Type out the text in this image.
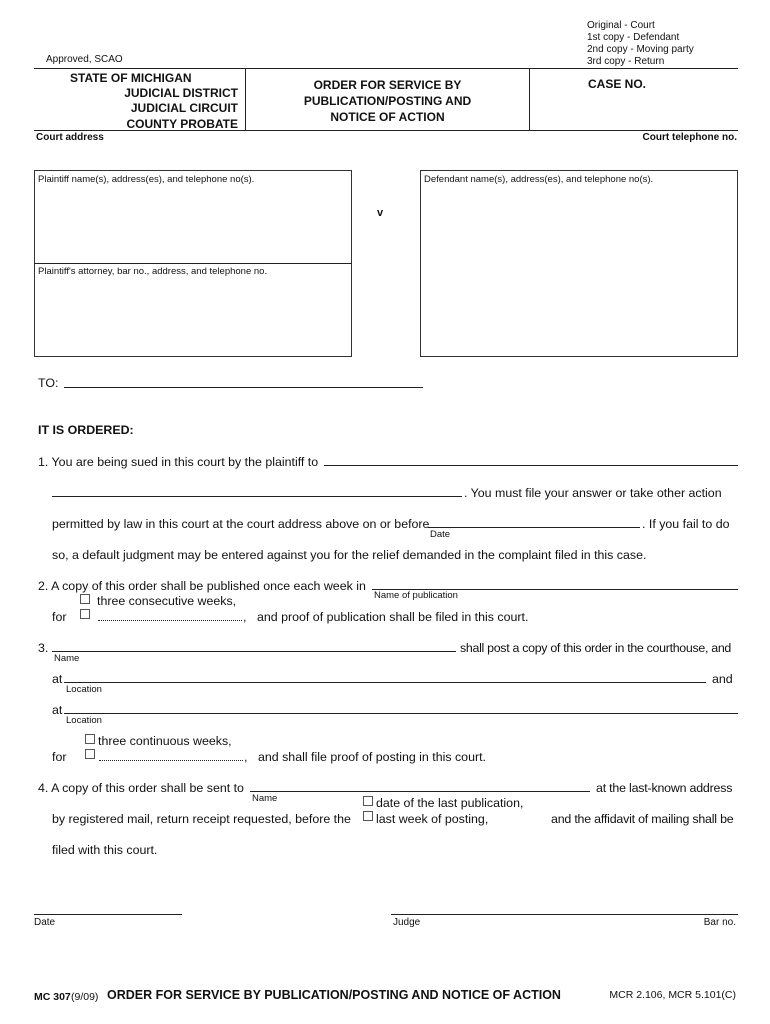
Original - Court
1st copy - Defendant
2nd copy - Moving party
3rd copy - Return
Approved, SCAO
STATE OF MICHIGAN
JUDICIAL DISTRICT
JUDICIAL CIRCUIT
COUNTY PROBATE
ORDER FOR SERVICE BY
PUBLICATION/POSTING AND
NOTICE OF ACTION
CASE NO.
Court address	Court telephone no.
Plaintiff name(s), address(es), and telephone no(s).
Plaintiff's attorney, bar no., address, and telephone no.
v
Defendant name(s), address(es), and telephone no(s).
TO:
IT IS ORDERED:
1. You are being sued in this court by the plaintiff to
. You must file your answer or take other action
permitted by law in this court at the court address above on or before
Date
. If you fail to do
so, a default judgment may be entered against you for the relief demanded in the complaint filed in this case.
2. A copy of this order shall be published once each week in
Name of publication
three consecutive weeks,
for	, and proof of publication shall be filed in this court.
3.
Name
shall post a copy of this order in the courthouse, and
at
Location
and
at
Location
three continuous weeks,
for	, and shall file proof of posting in this court.
4. A copy of this order shall be sent to
Name
at the last-known address
date of the last publication,
by registered mail, return receipt requested, before the last week of posting,	and the affidavit of mailing shall be
filed with this court.
Date	Judge	Bar no.
MC 307 (9/09) ORDER FOR SERVICE BY PUBLICATION/POSTING AND NOTICE OF ACTION	MCR 2.106, MCR 5.101(C)
